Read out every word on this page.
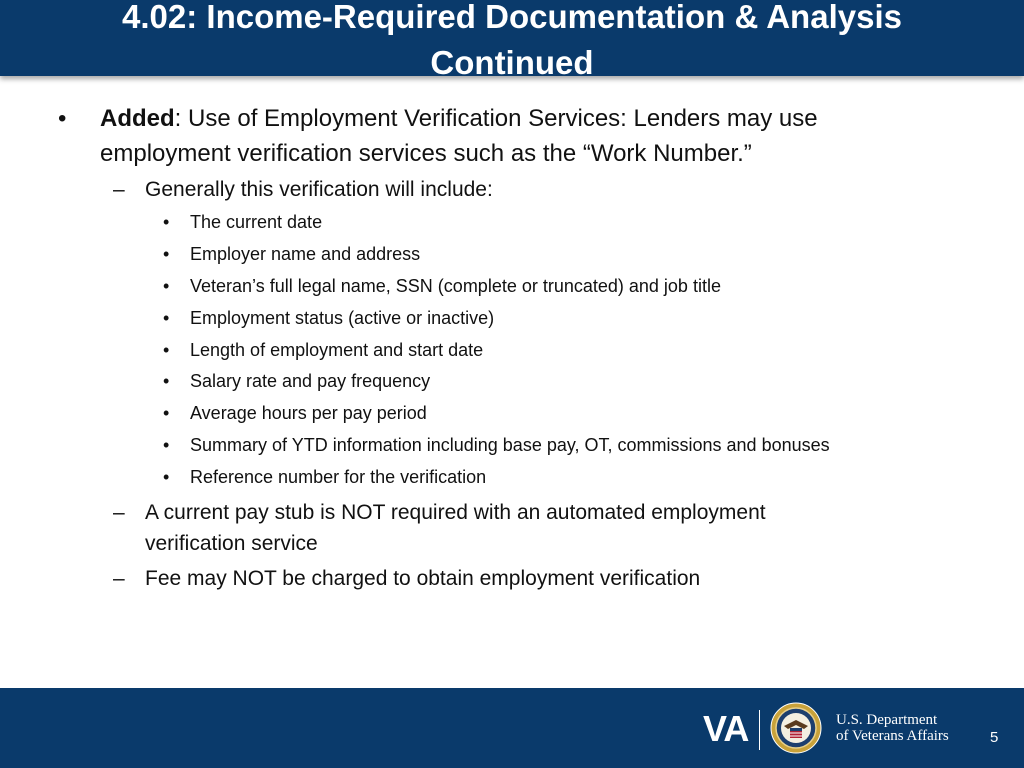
4.02: Income-Required Documentation & Analysis
Continued
• Added: Use of Employment Verification Services: Lenders may use
employment verification services such as the “Work Number.”
– Generally this verification will include:
• The current date
• Employer name and address
• Veteran’s full legal name, SSN (complete or truncated) and job title
• Employment status (active or inactive)
• Length of employment and start date
• Salary rate and pay frequency
• Average hours per pay period
• Summary of YTD information including base pay, OT, commissions and bonuses
• Reference number for the verification
– A current pay stub is NOT required with an automated employment
verification service
– Fee may NOT be charged to obtain employment verification
VA	U.S. Department
of Veterans Affairs	5
